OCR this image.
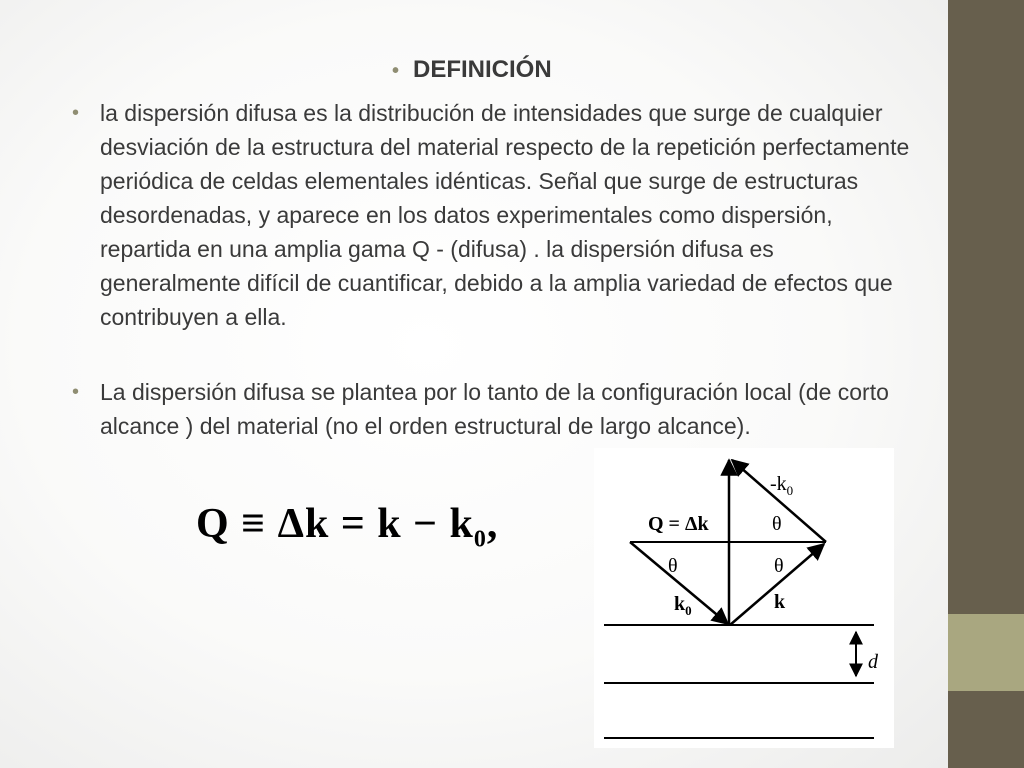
• DEFINICIÓN
• la dispersión difusa es la distribución de intensidades que surge de cualquier desviación de la estructura del material respecto de la repetición perfectamente periódica de celdas elementales idénticas. Señal que surge de estructuras desordenadas, y aparece en los datos experimentales como dispersión, repartida en una amplia gama Q - (difusa) . la dispersión difusa es generalmente difícil de cuantificar, debido a la amplia variedad de efectos que contribuyen a ella.
• La dispersión difusa se plantea por lo tanto de la configuración local (de corto alcance ) del material (no el orden estructural de largo alcance).
$Q \equiv \Delta k = k - k_0$,
d
$-k_0$
Q = Δk	θ
θ	θ
$k_0$	k
